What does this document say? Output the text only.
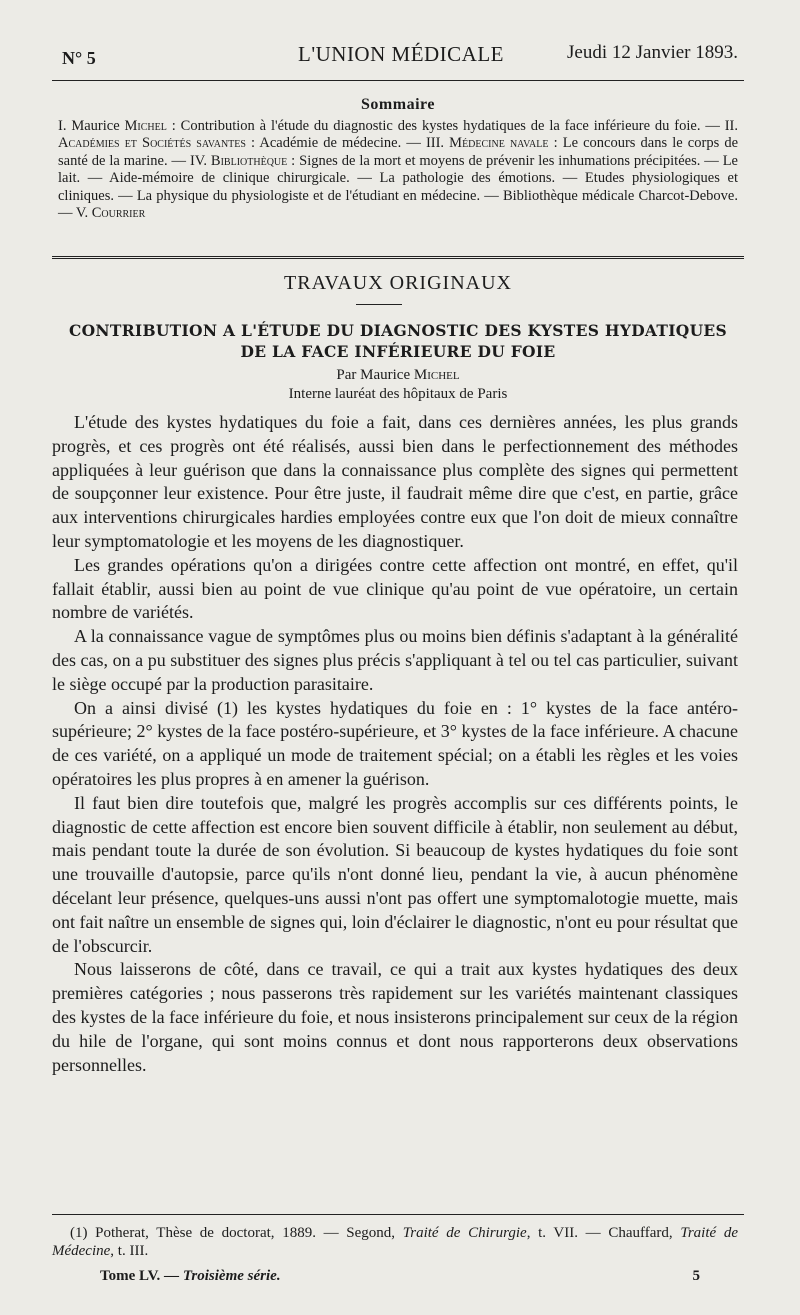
N° 5	L'UNION MÉDICALE	Jeudi 12 Janvier 1893.
Sommaire
I. Maurice Michel : Contribution à l'étude du diagnostic des kystes hydatiques de la face inférieure du foie. — II. Académies et Sociétés savantes : Académie de médecine. — III. Médecine navale : Le concours dans le corps de santé de la marine. — IV. Bibliothèque : Signes de la mort et moyens de prévenir les inhumations précipitées. — Le lait. — Aide-mémoire de clinique chirurgicale. — La pathologie des émotions. — Etudes physiologiques et cliniques. — La physique du physiologiste et de l'étudiant en médecine. — Bibliothèque médicale Charcot-Debove. — V. Courrier
TRAVAUX ORIGINAUX
CONTRIBUTION A L'ÉTUDE DU DIAGNOSTIC DES KYSTES HYDATIQUES
DE LA FACE INFÉRIEURE DU FOIE
Par Maurice Michel
Interne lauréat des hôpitaux de Paris

L'étude des kystes hydatiques du foie a fait, dans ces dernières années, les plus grands progrès, et ces progrès ont été réalisés, aussi bien dans le perfectionnement des méthodes appliquées à leur guérison que dans la connaissance plus complète des signes qui permettent de soupçonner leur existence. Pour être juste, il faudrait même dire que c'est, en partie, grâce aux interventions chirurgicales hardies employées contre eux que l'on doit de mieux connaître leur symptomatologie et les moyens de les diagnostiquer.

Les grandes opérations qu'on a dirigées contre cette affection ont montré, en effet, qu'il fallait établir, aussi bien au point de vue clinique qu'au point de vue opératoire, un certain nombre de variétés.

A la connaissance vague de symptômes plus ou moins bien définis s'adaptant à la généralité des cas, on a pu substituer des signes plus précis s'appliquant à tel ou tel cas particulier, suivant le siège occupé par la production parasitaire.

On a ainsi divisé (1) les kystes hydatiques du foie en : 1° kystes de la face antéro-supérieure; 2° kystes de la face postéro-supérieure, et 3° kystes de la face inférieure. A chacune de ces variété, on a appliqué un mode de traitement spécial; on a établi les règles et les voies opératoires les plus propres à en amener la guérison.

Il faut bien dire toutefois que, malgré les progrès accomplis sur ces différents points, le diagnostic de cette affection est encore bien souvent difficile à établir, non seulement au début, mais pendant toute la durée de son évolution. Si beaucoup de kystes hydatiques du foie sont une trouvaille d'autopsie, parce qu'ils n'ont donné lieu, pendant la vie, à aucun phénomène décelant leur présence, quelques-uns aussi n'ont pas offert une symptomalotogie muette, mais ont fait naître un ensemble de signes qui, loin d'éclairer le diagnostic, n'ont eu pour résultat que de l'obscurcir.

Nous laisserons de côté, dans ce travail, ce qui a trait aux kystes hydatiques des deux premières catégories ; nous passerons très rapidement sur les variétés maintenant classiques des kystes de la face inférieure du foie, et nous insisterons principalement sur ceux de la région du hile de l'organe, qui sont moins connus et dont nous rapporterons deux observations personnelles.

(1) Potherat, Thèse de doctorat, 1889. — Segond, Traité de Chirurgie, t. VII. — Chauffard, Traité de Médecine, t. III.
Tome LV. — Troisième série.	5
